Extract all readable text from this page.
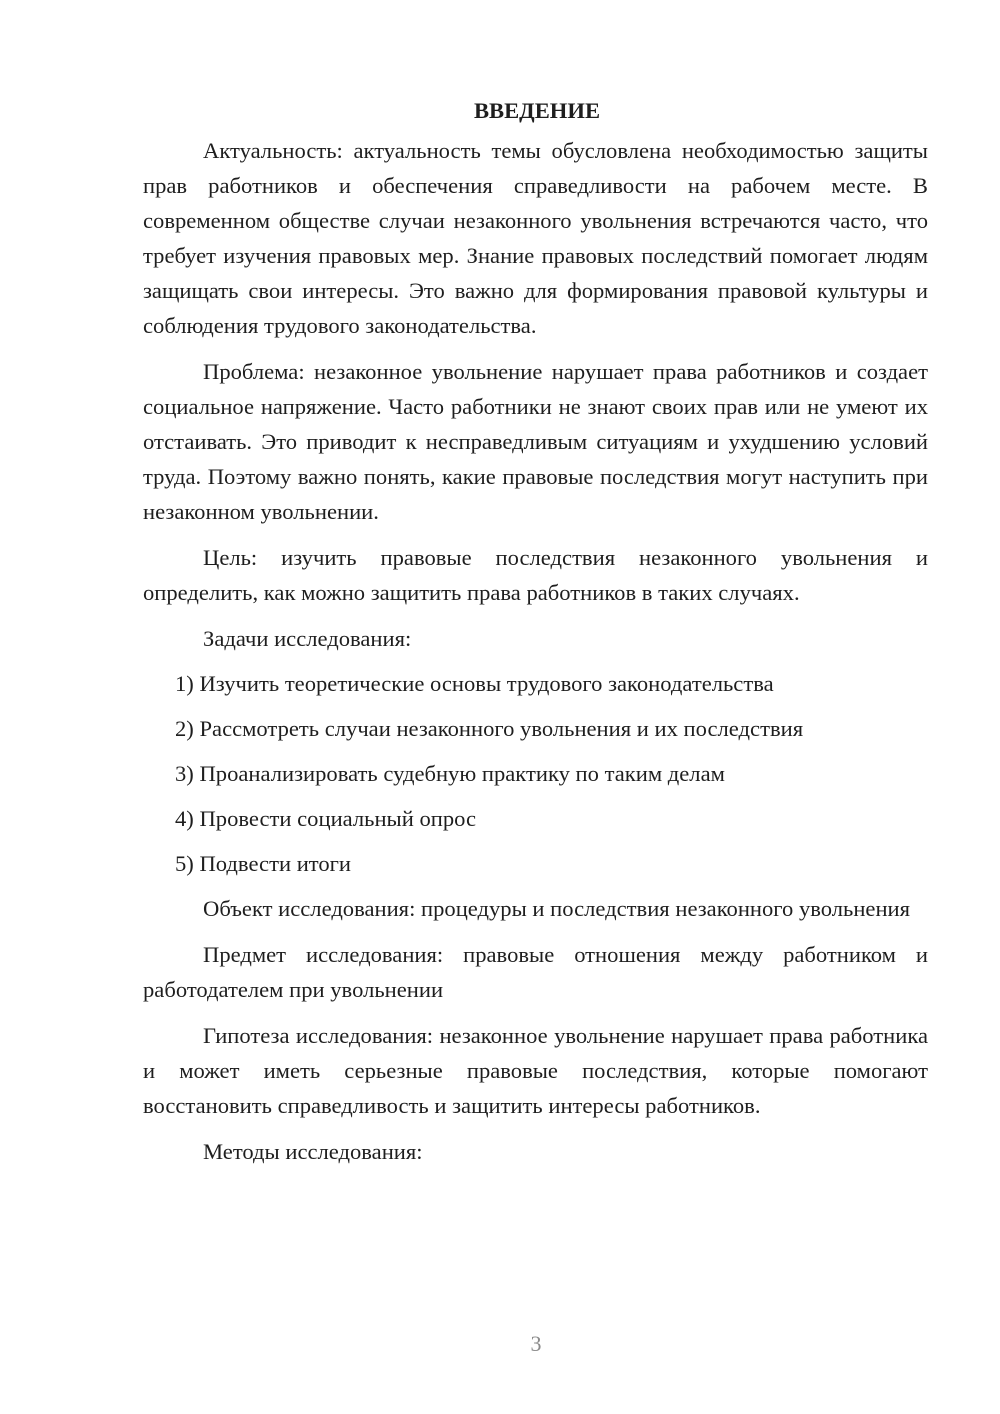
ВВЕДЕНИЕ

Актуальность: актуальность темы обусловлена необходимостью защиты прав работников и обеспечения справедливости на рабочем месте. В современном обществе случаи незаконного увольнения встречаются часто, что требует изучения правовых мер. Знание правовых последствий помогает людям защищать свои интересы. Это важно для формирования правовой культуры и соблюдения трудового законодательства.

Проблема: незаконное увольнение нарушает права работников и создает социальное напряжение. Часто работники не знают своих прав или не умеют их отстаивать. Это приводит к несправедливым ситуациям и ухудшению условий труда. Поэтому важно понять, какие правовые последствия могут наступить при незаконном увольнении.

Цель: изучить правовые последствия незаконного увольнения и определить, как можно защитить права работников в таких случаях.

Задачи исследования:

1) Изучить теоретические основы трудового законодательства
2) Рассмотреть случаи незаконного увольнения и их последствия
3) Проанализировать судебную практику по таким делам
4) Провести социальный опрос
5) Подвести итоги

Объект исследования: процедуры и последствия незаконного увольнения

Предмет исследования: правовые отношения между работником и работодателем при увольнении

Гипотеза исследования: незаконное увольнение нарушает права работника и может иметь серьезные правовые последствия, которые помогают восстановить справедливость и защитить интересы работников.

Методы исследования:

3
